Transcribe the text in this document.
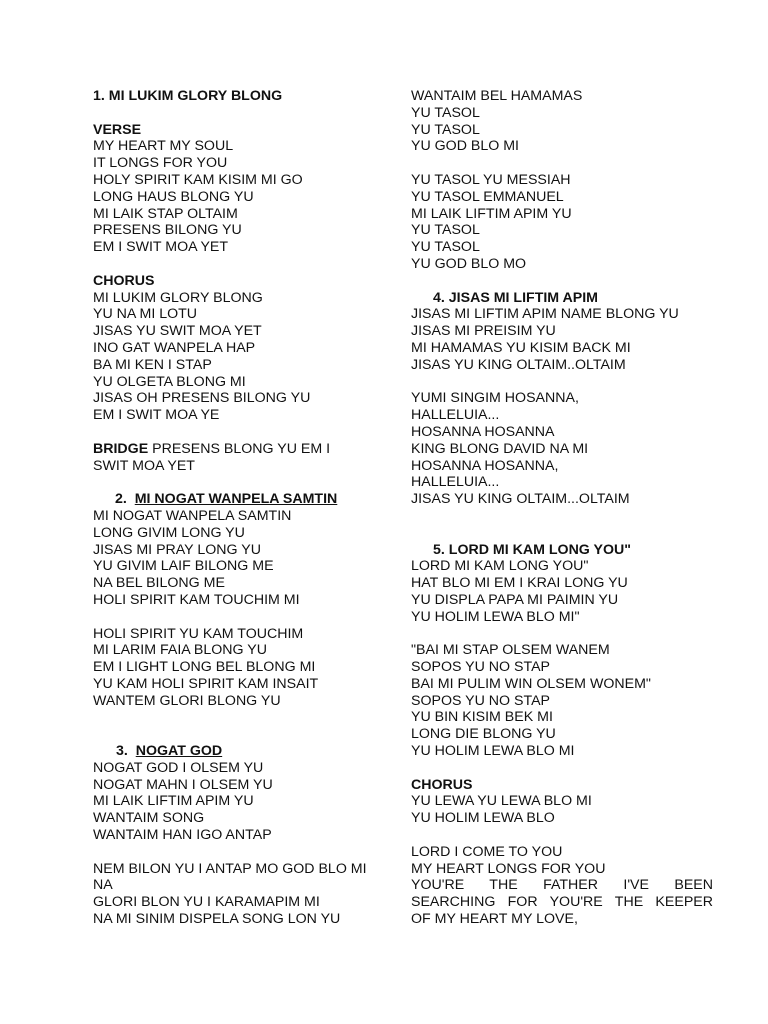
1. MI LUKIM GLORY BLONG
VERSE
MY HEART MY SOUL
IT LONGS FOR YOU
HOLY SPIRIT KAM KISIM MI GO
LONG HAUS BLONG YU
MI LAIK STAP OLTAIM
PRESENS BILONG YU
EM I SWIT MOA YET
CHORUS
MI LUKIM GLORY BLONG
YU NA MI LOTU
JISAS YU SWIT MOA YET
INO GAT WANPELA HAP
BA MI KEN I STAP
YU OLGETA BLONG MI
JISAS OH PRESENS BILONG YU
EM I SWIT MOA YE
BRIDGE PRESENS BLONG YU EM I
SWIT MOA YET
2. MI NOGAT WANPELA SAMTIN
MI NOGAT WANPELA SAMTIN
LONG GIVIM LONG YU
JISAS MI PRAY LONG YU
YU GIVIM LAIF BILONG ME
NA BEL BILONG ME
HOLI SPIRIT KAM TOUCHIM MI
HOLI SPIRIT YU KAM TOUCHIM
MI LARIM FAIA BLONG YU
EM I LIGHT LONG BEL BLONG MI
YU KAM HOLI SPIRIT KAM INSAIT
WANTEM GLORI BLONG YU
3. NOGAT GOD
NOGAT GOD I OLSEM YU
NOGAT MAHN I OLSEM YU
MI LAIK LIFTIM APIM YU
WANTAIM SONG
WANTAIM HAN IGO ANTAP
NEM BILON YU I ANTAP MO GOD BLO MI
NA
GLORI BLON YU I KARAMAPIM MI
NA MI SINIM DISPELA SONG LON YU
WANTAIM BEL HAMAMAS
YU TASOL
YU TASOL
YU GOD BLO MI
YU TASOL YU MESSIAH
YU TASOL EMMANUEL
MI LAIK LIFTIM APIM YU
YU TASOL
YU TASOL
YU GOD BLO MO
4. JISAS MI LIFTIM APIM
JISAS MI LIFTIM APIM NAME BLONG YU
JISAS MI PREISIM YU
MI HAMAMAS YU KISIM BACK MI
JISAS YU KING OLTAIM..OLTAIM
YUMI SINGIM HOSANNA,
HALLELUIA...
HOSANNA HOSANNA
KING BLONG DAVID NA MI
HOSANNA HOSANNA,
HALLELUIA...
JISAS YU KING OLTAIM...OLTAIM
5. LORD MI KAM LONG YOU"
LORD MI KAM LONG YOU"
HAT BLO MI EM I KRAI LONG YU
YU DISPLA PAPA MI PAIMIN YU
YU HOLIM LEWA BLO MI"
"BAI MI STAP OLSEM WANEM
SOPOS YU NO STAP
BAI MI PULIM WIN OLSEM WONEM"
SOPOS YU NO STAP
YU BIN KISIM BEK MI
LONG DIE BLONG YU
YU HOLIM LEWA BLO MI
CHORUS
YU LEWA YU LEWA BLO MI
YU HOLIM LEWA BLO
LORD I COME TO YOU
MY HEART LONGS FOR YOU
YOU'RE THE FATHER I'VE BEEN
SEARCHING FOR YOU'RE THE KEEPER
OF MY HEART MY LOVE,
